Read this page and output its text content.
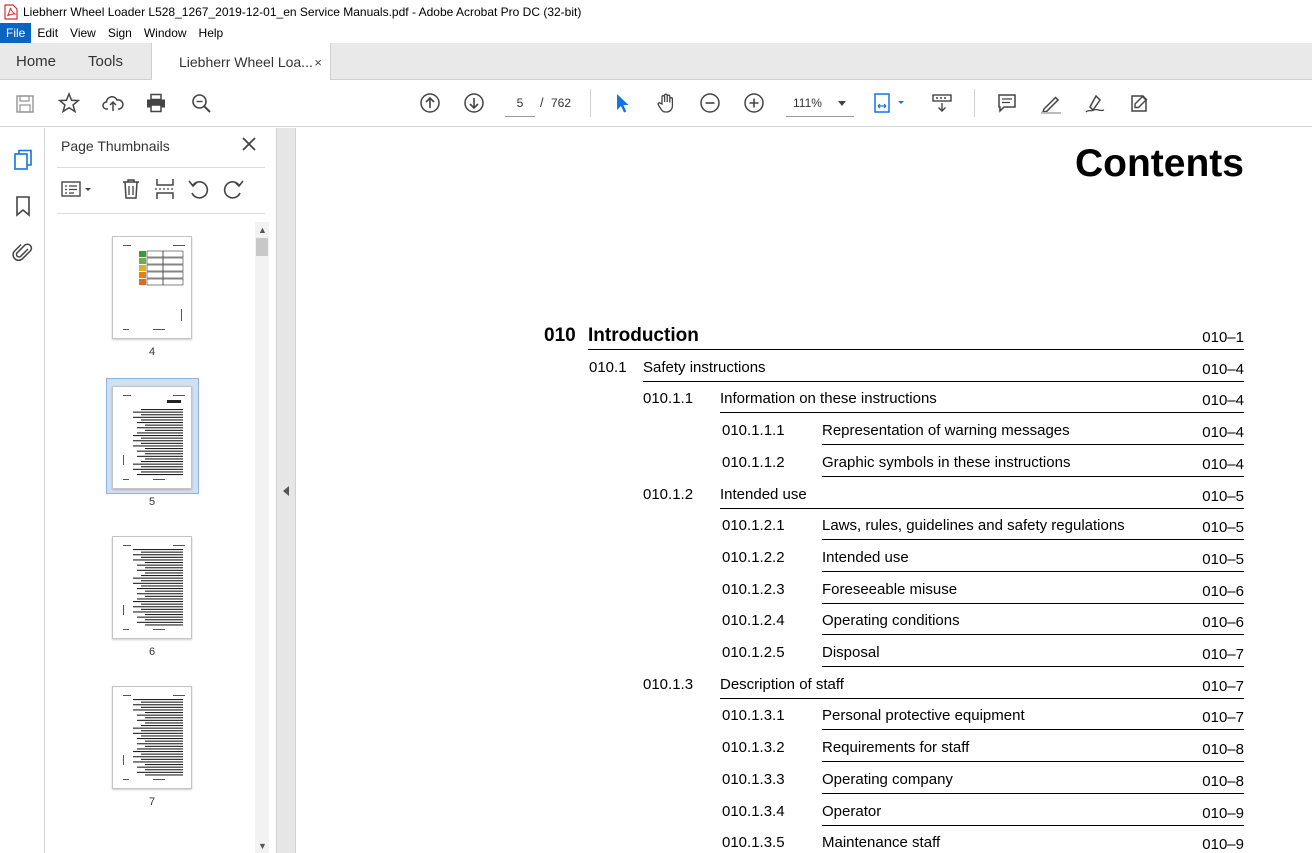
Liebherr Wheel Loader L528_1267_2019-12-01_en Service Manuals.pdf - Adobe Acrobat Pro DC (32-bit)
File	Edit	View	Sign	Window	Help
Home Tools	Liebherr Wheel Loa... ×
5	/ 762	111%
Page Thumbnails
4
5
6
7
▲
▼
Contents
010 Introduction	010–1
010.1 Safety instructions	010–4
010.1.1 Information on these instructions	010–4
010.1.1.1 Representation of warning messages	010–4
010.1.1.2 Graphic symbols in these instructions	010–4
010.1.2 Intended use	010–5
010.1.2.1 Laws, rules, guidelines and safety regulations	010–5
010.1.2.2 Intended use	010–5
010.1.2.3 Foreseeable misuse	010–6
010.1.2.4 Operating conditions	010–6
010.1.2.5 Disposal	010–7
010.1.3 Description of staff	010–7
010.1.3.1 Personal protective equipment	010–7
010.1.3.2 Requirements for staff	010–8
010.1.3.3 Operating company	010–8
010.1.3.4 Operator	010–9
010.1.3.5 Maintenance staff	010–9
